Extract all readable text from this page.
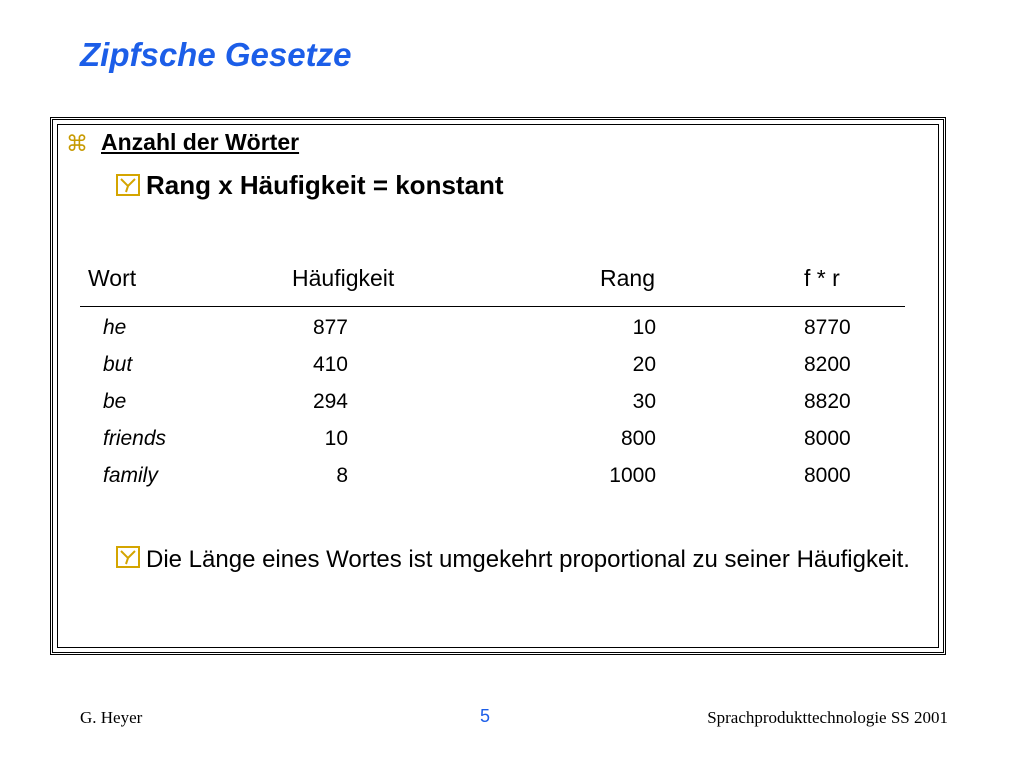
Zipfsche Gesetze
⌘ Anzahl der Wörter
Rang x Häufigkeit = konstant
Wort	Häufigkeit	Rang	f * r
he	877	10	8770
but	410	20	8200
be	294	30	8820
friends	10	800	8000
family	8	1000	8000
Die Länge eines Wortes ist umgekehrt proportional zu seiner Häufigkeit.
G. Heyer	5	Sprachprodukttechnologie SS 2001
